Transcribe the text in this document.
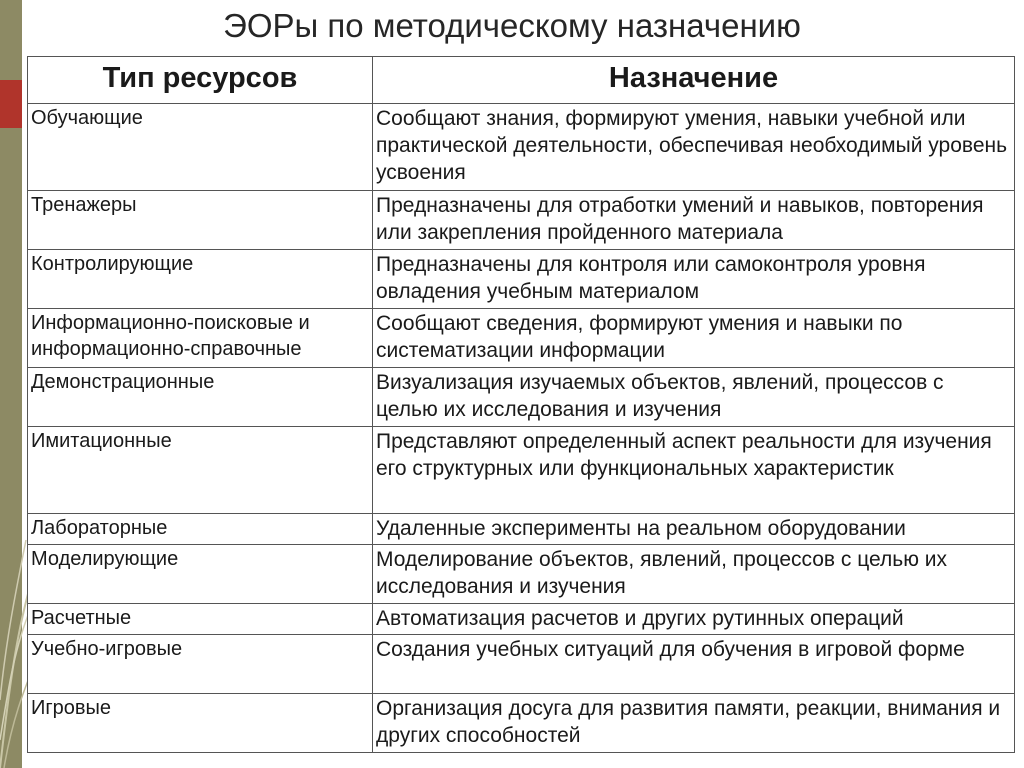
ЭОРы по методическому назначению
Тип ресурсов	Назначение
Обучающие	Сообщают знания, формируют умения, навыки учебной или практической деятельности, обеспечивая необходимый уровень усвоения
Тренажеры	Предназначены для отработки умений и навыков, повторения или закрепления пройденного материала
Контролирующие	Предназначены для контроля или самоконтроля уровня овладения учебным материалом
Информационно-поисковые и информационно-справочные	Сообщают сведения, формируют умения и навыки по систематизации информации
Демонстрационные	Визуализация изучаемых объектов, явлений, процессов с целью их исследования и изучения
Имитационные	Представляют определенный аспект реальности для изучения его структурных или функциональных характеристик
Лабораторные	Удаленные эксперименты на реальном оборудовании
Моделирующие	Моделирование объектов, явлений, процессов с целью их исследования и изучения
Расчетные	Автоматизация расчетов и других рутинных операций
Учебно-игровые	Создания учебных ситуаций для обучения в игровой форме
Игровые	Организация досуга для развития памяти, реакции, внимания и других способностей
